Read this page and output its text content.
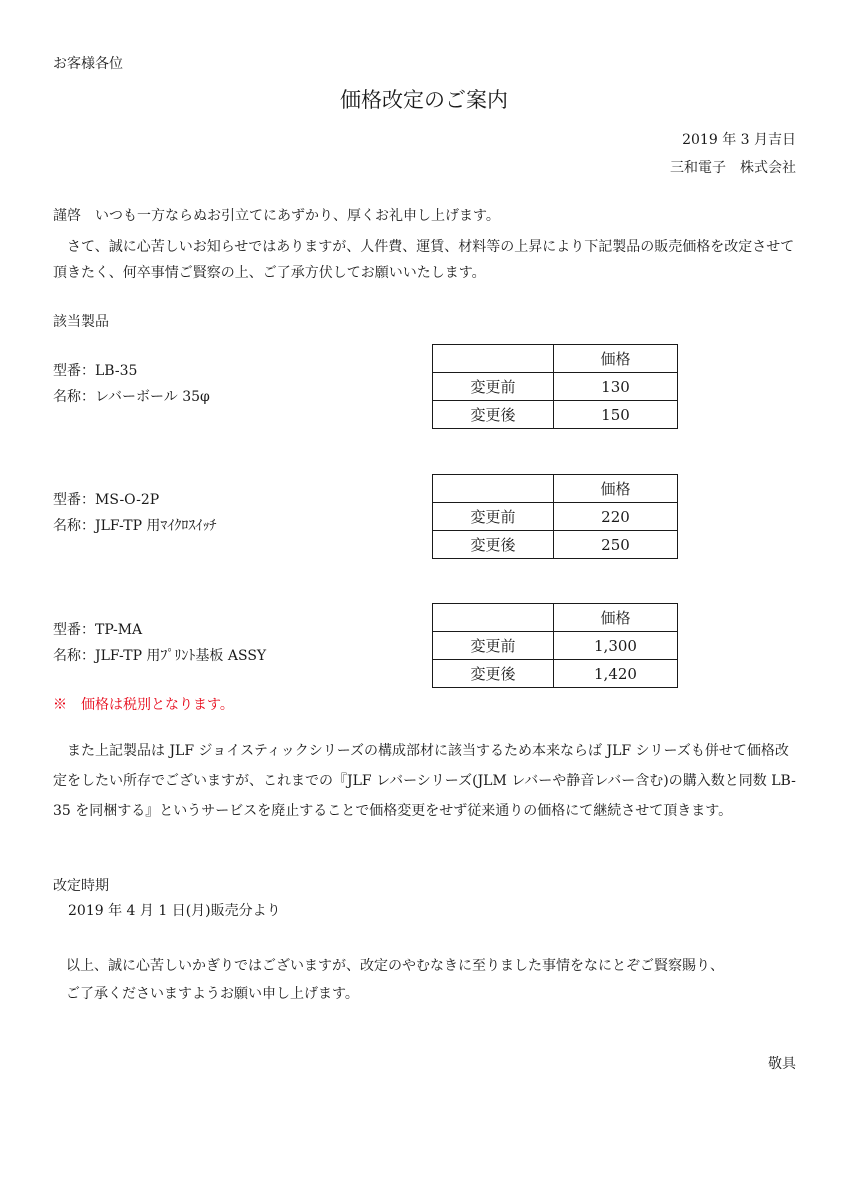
お客様各位
価格改定のご案内
2019 年 3 月吉日
三和電子　株式会社
謹啓　いつも一方ならぬお引立てにあずかり、厚くお礼申し上げます。
さて、誠に心苦しいお知らせではありますが、人件費、運賃、材料等の上昇により下記製品の販売価格を改定させて頂きたく、何卒事情ご賢察の上、ご了承方伏してお願いいたします。
該当製品
型番：LB-35
名称：レバーボール 35φ
	価格
変更前	130
変更後	150
型番：MS-O-2P
名称：JLF-TP 用ﾏｲｸﾛｽｲｯﾁ
	価格
変更前	220
変更後	250
型番：TP-MA
名称：JLF-TP 用ﾌﾟﾘﾝﾄ基板 ASSY
	価格
変更前	1,300
変更後	1,420
※　価格は税別となります。
また上記製品は JLF ジョイスティックシリーズの構成部材に該当するため本来ならば JLF シリーズも併せて価格改定をしたい所存でございますが、これまでの『JLF レバーシリーズ(JLM レバーや静音レバー含む)の購入数と同数 LB-35 を同梱する』というサービスを廃止することで価格変更をせず従来通りの価格にて継続させて頂きます。
改定時期
2019 年 4 月 1 日(月)販売分より
以上、誠に心苦しいかぎりではございますが、改定のやむなきに至りました事情をなにとぞご賢察賜り、
ご了承くださいますようお願い申し上げます。
敬具
